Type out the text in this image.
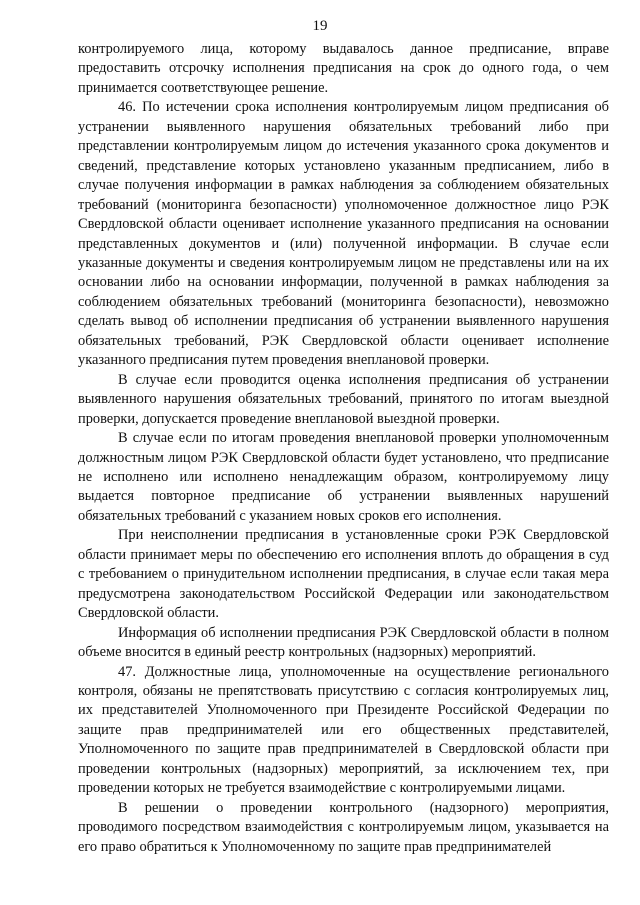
19

контролируемого лица, которому выдавалось данное предписание, вправе предоставить отсрочку исполнения предписания на срок до одного года, о чем принимается соответствующее решение.

46. По истечении срока исполнения контролируемым лицом предписания об устранении выявленного нарушения обязательных требований либо при представлении контролируемым лицом до истечения указанного срока документов и сведений, представление которых установлено указанным предписанием, либо в случае получения информации в рамках наблюдения за соблюдением обязательных требований (мониторинга безопасности) уполномоченное должностное лицо РЭК Свердловской области оценивает исполнение указанного предписания на основании представленных документов и (или) полученной информации. В случае если указанные документы и сведения контролируемым лицом не представлены или на их основании либо на основании информации, полученной в рамках наблюдения за соблюдением обязательных требований (мониторинга безопасности), невозможно сделать вывод об исполнении предписания об устранении выявленного нарушения обязательных требований, РЭК Свердловской области оценивает исполнение указанного предписания путем проведения внеплановой проверки.

В случае если проводится оценка исполнения предписания об устранении выявленного нарушения обязательных требований, принятого по итогам выездной проверки, допускается проведение внеплановой выездной проверки.

В случае если по итогам проведения внеплановой проверки уполномоченным должностным лицом РЭК Свердловской области будет установлено, что предписание не исполнено или исполнено ненадлежащим образом, контролируемому лицу выдается повторное предписание об устранении выявленных нарушений обязательных требований с указанием новых сроков его исполнения.

При неисполнении предписания в установленные сроки РЭК Свердловской области принимает меры по обеспечению его исполнения вплоть до обращения в суд с требованием о принудительном исполнении предписания, в случае если такая мера предусмотрена законодательством Российской Федерации или законодательством Свердловской области.

Информация об исполнении предписания РЭК Свердловской области в полном объеме вносится в единый реестр контрольных (надзорных) мероприятий.

47. Должностные лица, уполномоченные на осуществление регионального контроля, обязаны не препятствовать присутствию с согласия контролируемых лиц, их представителей Уполномоченного при Президенте Российской Федерации по защите прав предпринимателей или его общественных представителей, Уполномоченного по защите прав предпринимателей в Свердловской области при проведении контрольных (надзорных) мероприятий, за исключением тех, при проведении которых не требуется взаимодействие с контролируемыми лицами.

В решении о проведении контрольного (надзорного) мероприятия, проводимого посредством взаимодействия с контролируемым лицом, указывается на его право обратиться к Уполномоченному по защите прав предпринимателей
